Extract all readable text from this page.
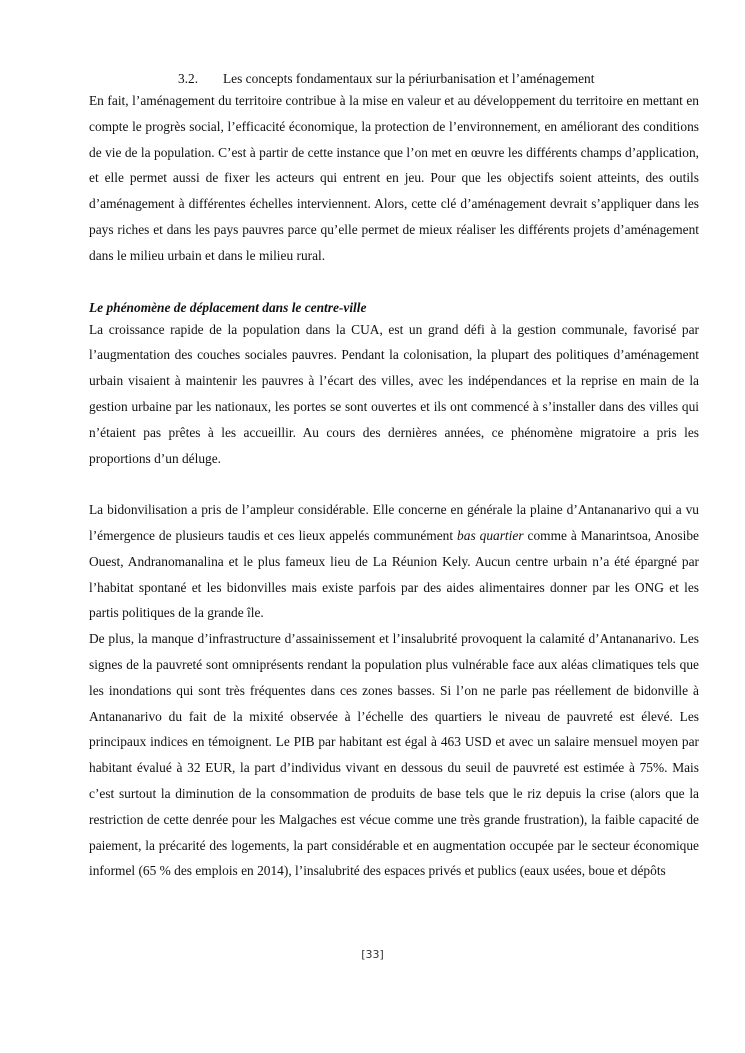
3.2. Les concepts fondamentaux sur la périurbanisation et l’aménagement

En fait, l’aménagement du territoire contribue à la mise en valeur et au développement du territoire en mettant en compte le progrès social, l’efficacité économique, la protection de l’environnement, en améliorant des conditions de vie de la population. C’est à partir de cette instance que l’on met en œuvre les différents champs d’application, et elle permet aussi de fixer les acteurs qui entrent en jeu. Pour que les objectifs soient atteints, des outils d’aménagement à différentes échelles interviennent. Alors, cette clé d’aménagement devrait s’appliquer dans les pays riches et dans les pays pauvres parce qu’elle permet de mieux réaliser les différents projets d’aménagement dans le milieu urbain et dans le milieu rural.

Le phénomène de déplacement dans le centre-ville

La croissance rapide de la population dans la CUA, est un grand défi à la gestion communale, favorisé par l’augmentation des couches sociales pauvres. Pendant la colonisation, la plupart des politiques d’aménagement urbain visaient à maintenir les pauvres à l’écart des villes, avec les indépendances et la reprise en main de la gestion urbaine par les nationaux, les portes se sont ouvertes et ils ont commencé à s’installer dans des villes qui n’étaient pas prêtes à les accueillir. Au cours des dernières années, ce phénomène migratoire a pris les proportions d’un déluge.

La bidonvilisation a pris de l’ampleur considérable. Elle concerne en générale la plaine d’Antananarivo qui a vu l’émergence de plusieurs taudis et ces lieux appelés communément bas quartier comme à Manarintsoa, Anosibe Ouest, Andranomanalina et le plus fameux lieu de La Réunion Kely. Aucun centre urbain n’a été épargné par l’habitat spontané et les bidonvilles mais existe parfois par des aides alimentaires donner par les ONG et les partis politiques de la grande île.

De plus, la manque d’infrastructure d’assainissement et l’insalubrité provoquent la calamité d’Antananarivo. Les signes de la pauvreté sont omniprésents rendant la population plus vulnérable face aux aléas climatiques tels que les inondations qui sont très fréquentes dans ces zones basses. Si l’on ne parle pas réellement de bidonville à Antananarivo du fait de la mixité observée à l’échelle des quartiers le niveau de pauvreté est élevé. Les principaux indices en témoignent. Le PIB par habitant est égal à 463 USD et avec un salaire mensuel moyen par habitant évalué à 32 EUR, la part d’individus vivant en dessous du seuil de pauvreté est estimée à 75%. Mais c’est surtout la diminution de la consommation de produits de base tels que le riz depuis la crise (alors que la restriction de cette denrée pour les Malgaches est vécue comme une très grande frustration), la faible capacité de paiement, la précarité des logements, la part considérable et en augmentation occupée par le secteur économique informel (65 % des emplois en 2014), l’insalubrité des espaces privés et publics (eaux usées, boue et dépôts

[33]
